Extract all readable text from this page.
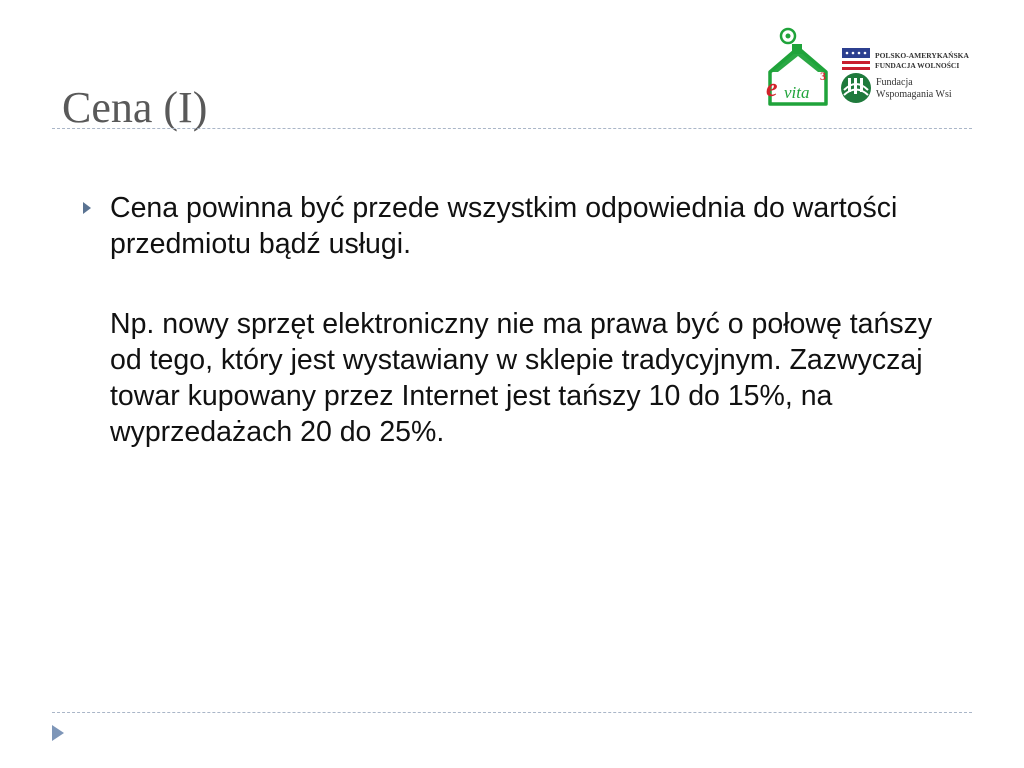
Cena (I)	e vita
3
POLSKO-AMERYKAŃSKA
FUNDACJA WOLNOŚCI
Fundacja
Wspomagania Wsi
Cena powinna być przede wszystkim odpowiednia do wartości przedmiotu bądź usługi.

Np. nowy sprzęt elektroniczny nie ma prawa być o połowę tańszy od tego, który jest wystawiany w sklepie tradycyjnym. Zazwyczaj towar kupowany przez Internet jest tańszy 10 do 15%, na wyprzedażach 20 do 25%.
